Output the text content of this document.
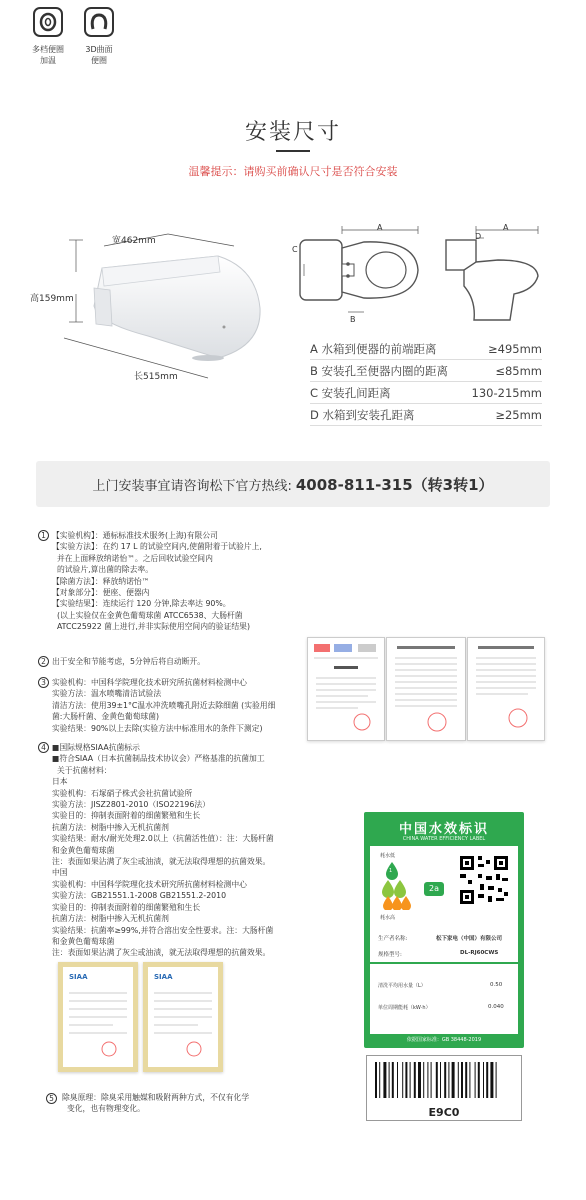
多档便圈
加温
3D曲面
便圈
安装尺寸
温馨提示：请购买前确认尺寸是否符合安装
宽462mm
高159mm
长515mm
A
C
B
A
D
A 水箱到便器的前端距离	≥495mm
B 安装孔至便器内圈的距离	≤85mm
C 安装孔间距离	130-215mm
D 水箱到安装孔距离	≥25mm
上门安装事宜请咨询松下官方热线: 4008-811-315（转3转1）
1 【实验机构】：通标标准技术服务(上海)有限公司
【实验方法】：在约 17 L 的试验空间内,使菌附着于试验片上,
并在上面释放纳诺怡™。之后回收试验空间内
的试验片,算出菌的除去率。
【除菌方法】：释放纳诺怡™
【对象部分】：便座、便器内
【实验结果】：连续运行 120 分钟,除去率达 90%。
(以上实验仅在金黄色葡萄球菌 ATCC6538、大肠杆菌
ATCC25922 菌上进行,并非实际使用空间内的验证结果)
2 出于安全和节能考虑，5分钟后将自动断开。
3 实验机构：中国科学院理化技术研究所抗菌材料检测中心
实验方法：温水喷嘴清洁试验法
清洁方法：使用39±1°C温水冲洗喷嘴孔附近去除细菌 (实验用细
菌:大肠杆菌、金黄色葡萄球菌)
实验结果：90%以上去除(实验方法中标准用水的条件下测定)
4 ■国际规格SIAA抗菌标示
■符合SIAA（日本抗菌制品技术协议会）严格基准的抗菌加工
关于抗菌材料：
日本
实验机构：石塚硝子株式会社抗菌试验所
实验方法：JISZ2801-2010（ISO22196法）
实验目的：抑制表面附着的细菌繁殖和生长
抗菌方法：树脂中掺入无机抗菌剂
实验结果：耐水/耐光处理2.0以上（抗菌活性值）：注：大肠杆菌
和金黄色葡萄球菌
注：表面如果沾满了灰尘或油渍，就无法取得理想的抗菌效果。
中国
实验机构：中国科学院理化技术研究所抗菌材料检测中心
实验方法：GB21551.1-2008 GB21551.2-2010
实验目的：抑制表面附着的细菌繁殖和生长
抗菌方法：树脂中掺入无机抗菌剂
实验结果：抗菌率≥99%,并符合溶出安全性要求。注：大肠杆菌
和金黄色葡萄球菌
注：表面如果沾满了灰尘或油渍，就无法取得理想的抗菌效果。
SIAA	SIAA
中国水效标识
CHINA WATER EFFICIENCY LABEL
耗水低
1
耗水高
2a
生产者名称:	松下家电（中国）有限公司
规格型号:	DL-RJ60CWS
清洗平均用水量（L）	0.50
单位周期能耗（kW·h）	0.040
依据国家标准：GB 38448-2019
E9C0
5	除臭原理：除臭采用触媒和吸附两种方式，不仅有化学
变化，也有物理变化。
